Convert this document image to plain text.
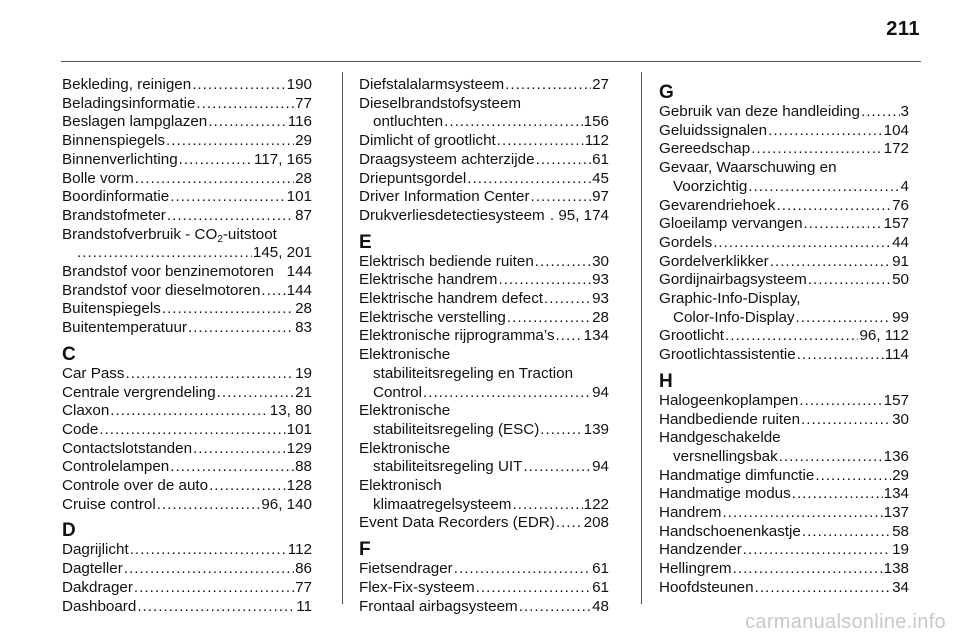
211
Bekleding, reinigen . . .	190
Beladingsinformatie . . .	77
Beslagen lampglazen . . .	116
Binnenspiegels . . .	29
Binnenverlichting . . .	117, 165
Bolle vorm . . .	28
Boordinformatie . . .	101
Brandstofmeter . . .	87
Brandstofverbruik - $CO_2$-uitstoot
. . .
145, 201
Brandstof voor benzinemotoren 144
Brandstof voor dieselmotoren . . . 144
Buitenspiegels . . .	28
Buitentemperatuur . . .	83
C
Car Pass . . .	19
Centrale vergrendeling . . .	21
Claxon . . .	13, 80
Code . . .	101
Contactslotstanden . . .	129
Controlelampen . . .	88
Controle over de auto . . .	128
Cruise control . . .	96, 140
D
Dagrijlicht . . .	112
Dagteller . . .	86
Dakdrager . . .	77
Dashboard . . .	11
Diefstalalarmsysteem . . .	27
Dieselbrandstofsysteem
ontluchten . . .	156
Dimlicht of grootlicht . . .	112
Draagsysteem achterzijde . . .	61
Driepuntsgordel . . .	45
Driver Information Center . . .	97
Drukverliesdetectiesysteem . 95, 174
E
Elektrisch bediende ruiten . . .	30
Elektrische handrem . . .	93
Elektrische handrem defect . . .	93
Elektrische verstelling . . .	28
Elektronische rijprogramma’s . . . 134
Elektronische
stabiliteitsregeling en Traction
Control . . .	94
Elektronische
stabiliteitsregeling (ESC) . . .	139
Elektronische
stabiliteitsregeling UIT . . .	94
Elektronisch
klimaatregelsysteem . . .	122
Event Data Recorders (EDR) . . . 208
F
Fietsendrager . . .	61
Flex-Fix-systeem . . .	61
Frontaal airbagsysteem . . .	48
G
Gebruik van deze handleiding . . .	3
Geluidssignalen . . .	104
Gereedschap . . .	172
Gevaar, Waarschuwing en
Voorzichtig . . .	4
Gevarendriehoek . . .	76
Gloeilamp vervangen . . .	157
Gordels . . .	44
Gordelverklikker . . .	91
Gordijnairbagsysteem . . .	50
Graphic-Info-Display,
Color-Info-Display . . .	99
Grootlicht . . .	96, 112
Grootlichtassistentie . . .	114
H
Halogeenkoplampen . . .	157
Handbediende ruiten . . .	30
Handgeschakelde
versnellingsbak . . .	136
Handmatige dimfunctie . . .	29
Handmatige modus . . .	134
Handrem . . .	137
Handschoenenkastje . . .	58
Handzender . . .	19
Hellingrem . . .	138
Hoofdsteunen . . .	34
carmanualsonline.info
